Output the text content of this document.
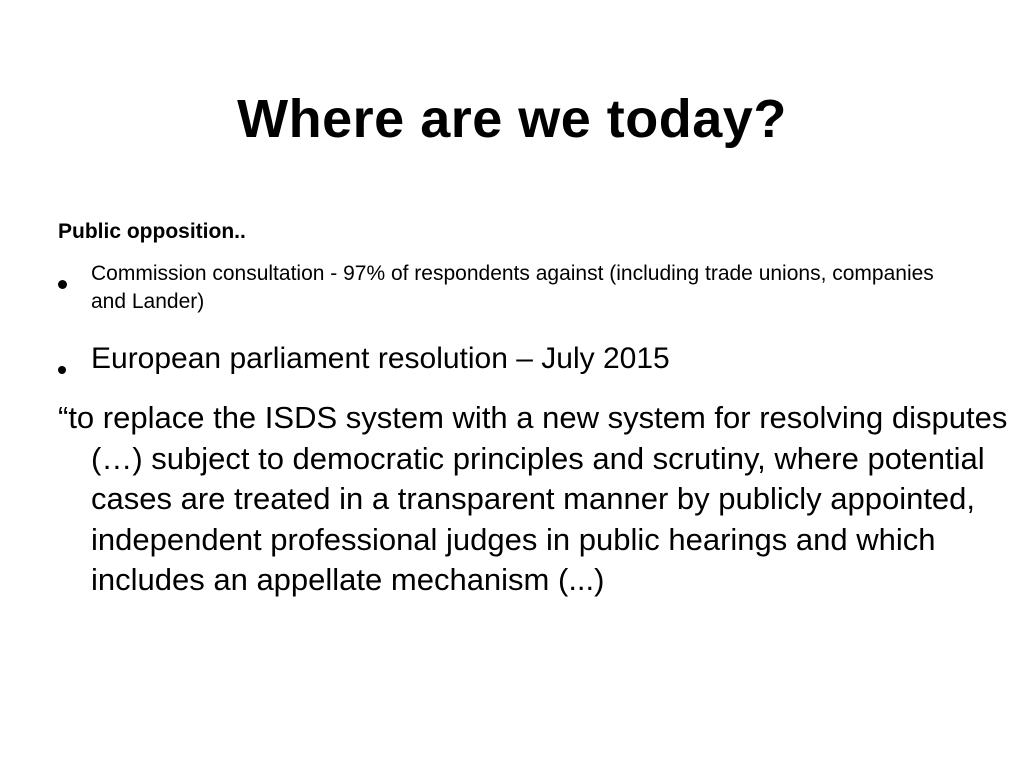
Where are we today?

Public opposition..

Commission consultation - 97% of respondents against (including trade unions, companies and Lander)
European parliament resolution – July 2015

“to replace the ISDS system with a new system for resolving disputes (…) subject to democratic principles and scrutiny, where potential cases are treated in a transparent manner by publicly appointed, independent professional judges in public hearings and which includes an appellate mechanism (...)
